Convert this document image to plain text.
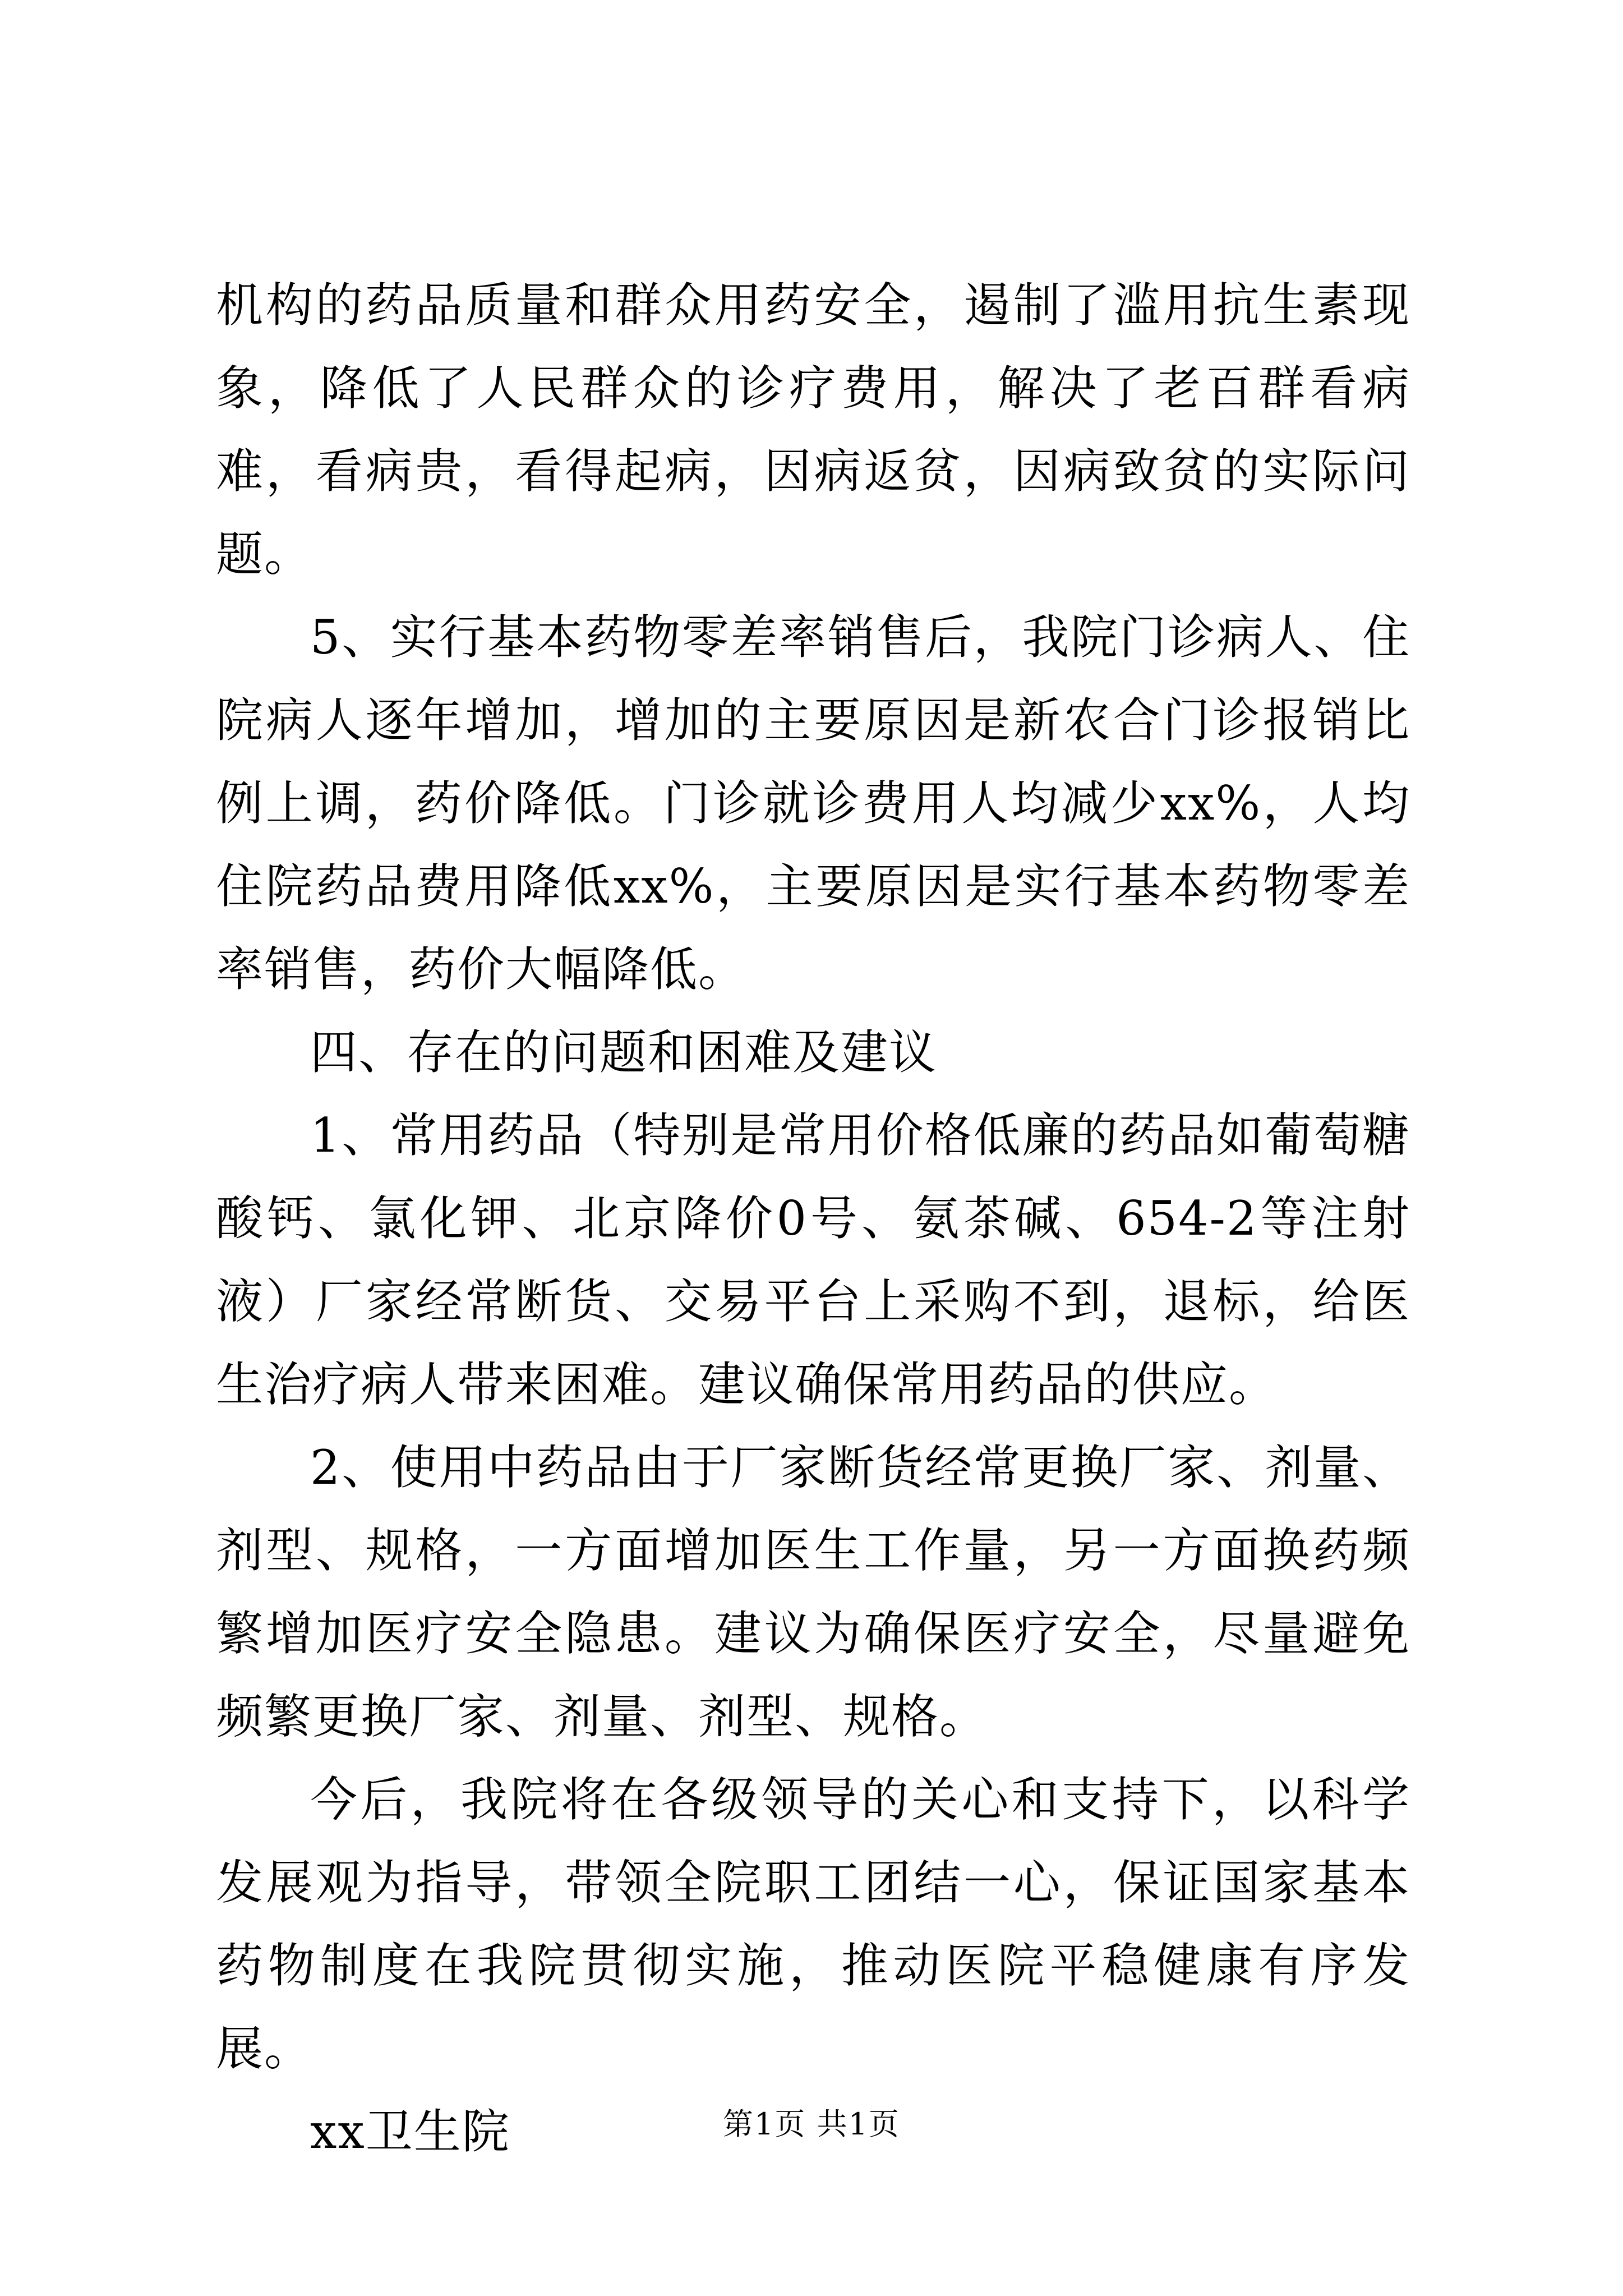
机构的药品质量和群众用药安全，遏制了滥用抗生素现象，降低了人民群众的诊疗费用，解决了老百群看病难，看病贵，看得起病，因病返贫，因病致贫的实际问题。

5、实行基本药物零差率销售后，我院门诊病人、住院病人逐年增加，增加的主要原因是新农合门诊报销比例上调，药价降低。门诊就诊费用人均减少xx%，人均住院药品费用降低xx%，主要原因是实行基本药物零差率销售，药价大幅降低。

四、存在的问题和困难及建议

1、常用药品（特别是常用价格低廉的药品如葡萄糖酸钙、氯化钾、北京降价0号、氨茶碱、654-2等注射液）厂家经常断货、交易平台上采购不到，退标，给医生治疗病人带来困难。建议确保常用药品的供应。

2、使用中药品由于厂家断货经常更换厂家、剂量、剂型、规格，一方面增加医生工作量，另一方面换药频繁增加医疗安全隐患。建议为确保医疗安全，尽量避免频繁更换厂家、剂量、剂型、规格。

今后，我院将在各级领导的关心和支持下，以科学发展观为指导，带领全院职工团结一心，保证国家基本药物制度在我院贯彻实施，推动医院平稳健康有序发展。

xx卫生院	第1页 共1页
